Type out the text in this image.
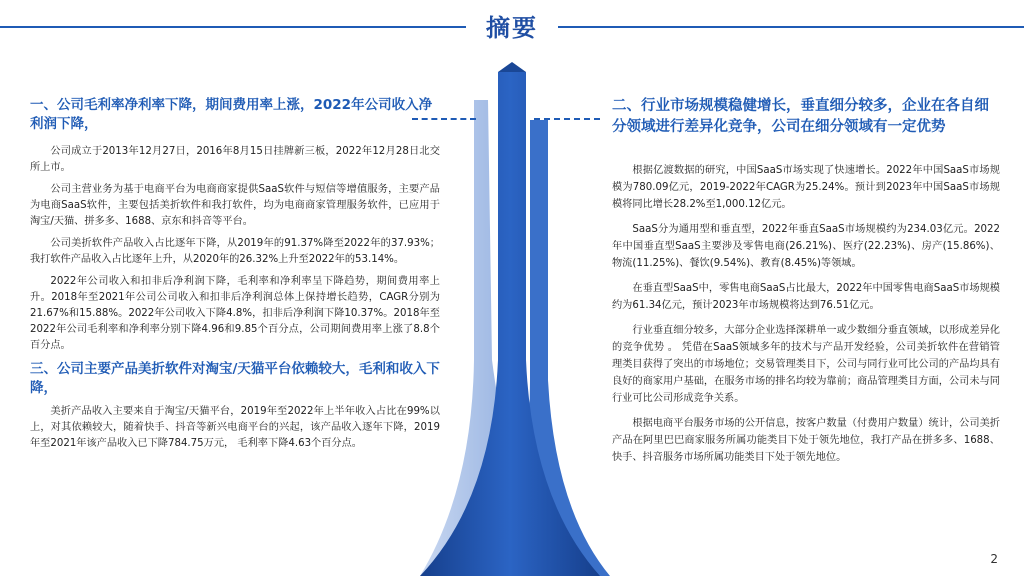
摘要
一、公司毛利率净利率下降，期间费用率上涨，2022年公司收入净利润下降，

公司成立于2013年12月27日，2016年8月15日挂牌新三板，2022年12月28日北交所上市。

公司主营业务为基于电商平台为电商商家提供SaaS软件与短信等增值服务，主要产品为电商SaaS软件，主要包括美折软件和我打软件，均为电商商家管理服务软件，已应用于淘宝/天猫、拼多多、1688、京东和抖音等平台。

公司美折软件产品收入占比逐年下降，从2019年的91.37%降至2022年的37.93%；我打软件产品收入占比逐年上升，从2020年的26.32%上升至2022年的53.14%。

2022年公司收入和扣非后净利润下降，毛利率和净利率呈下降趋势，期间费用率上升。2018年至2021年公司公司收入和扣非后净利润总体上保持增长趋势，CAGR分别为21.67%和15.88%。2022年公司收入下降4.8%，扣非后净利润下降10.37%。2018年至2022年公司毛利率和净利率分别下降4.96和9.85个百分点，公司期间费用率上涨了8.8个百分点。

三、公司主要产品美折软件对淘宝/天猫平台依赖较大，毛利和收入下降，

美折产品收入主要来自于淘宝/天猫平台，2019年至2022年上半年收入占比在99%以上，对其依赖较大，随着快手、抖音等新兴电商平台的兴起，该产品收入逐年下降，2019年至2021年该产品收入已下降784.75万元， 毛利率下降4.63个百分点。

二、行业市场规模稳健增长，垂直细分较多，企业在各自细分领域进行差异化竞争，公司在细分领域有一定优势

根据亿渡数据的研究，中国SaaS市场实现了快速增长。2022年中国SaaS市场规模为780.09亿元，2019-2022年CAGR为25.24%。预计到2023年中国SaaS市场规模将同比增长28.2%至1,000.12亿元。

SaaS分为通用型和垂直型，2022年垂直SaaS市场规模约为234.03亿元。2022年中国垂直型SaaS主要涉及零售电商(26.21%)、医疗(22.23%)、房产(15.86%)、物流(11.25%)、餐饮(9.54%)、教育(8.45%)等领域。

在垂直型SaaS中，零售电商SaaS占比最大，2022年中国零售电商SaaS市场规模约为61.34亿元，预计2023年市场规模将达到76.51亿元。

行业垂直细分较多，大部分企业选择深耕单一或少数细分垂直领域，以形成差异化的竞争优势 。 凭借在SaaS领域多年的技术与产品开发经验，公司美折软件在营销管理类目获得了突出的市场地位；交易管理类目下，公司与同行业可比公司的产品均具有良好的商家用户基础，在服务市场的排名均较为靠前；商品管理类目方面，公司未与同行业可比公司形成竞争关系。

根据电商平台服务市场的公开信息，按客户数量（付费用户数量）统计，公司美折产品在阿里巴巴商家服务所属功能类目下处于领先地位，我打产品在拼多多、1688、快手、抖音服务市场所属功能类目下处于领先地位。

2
